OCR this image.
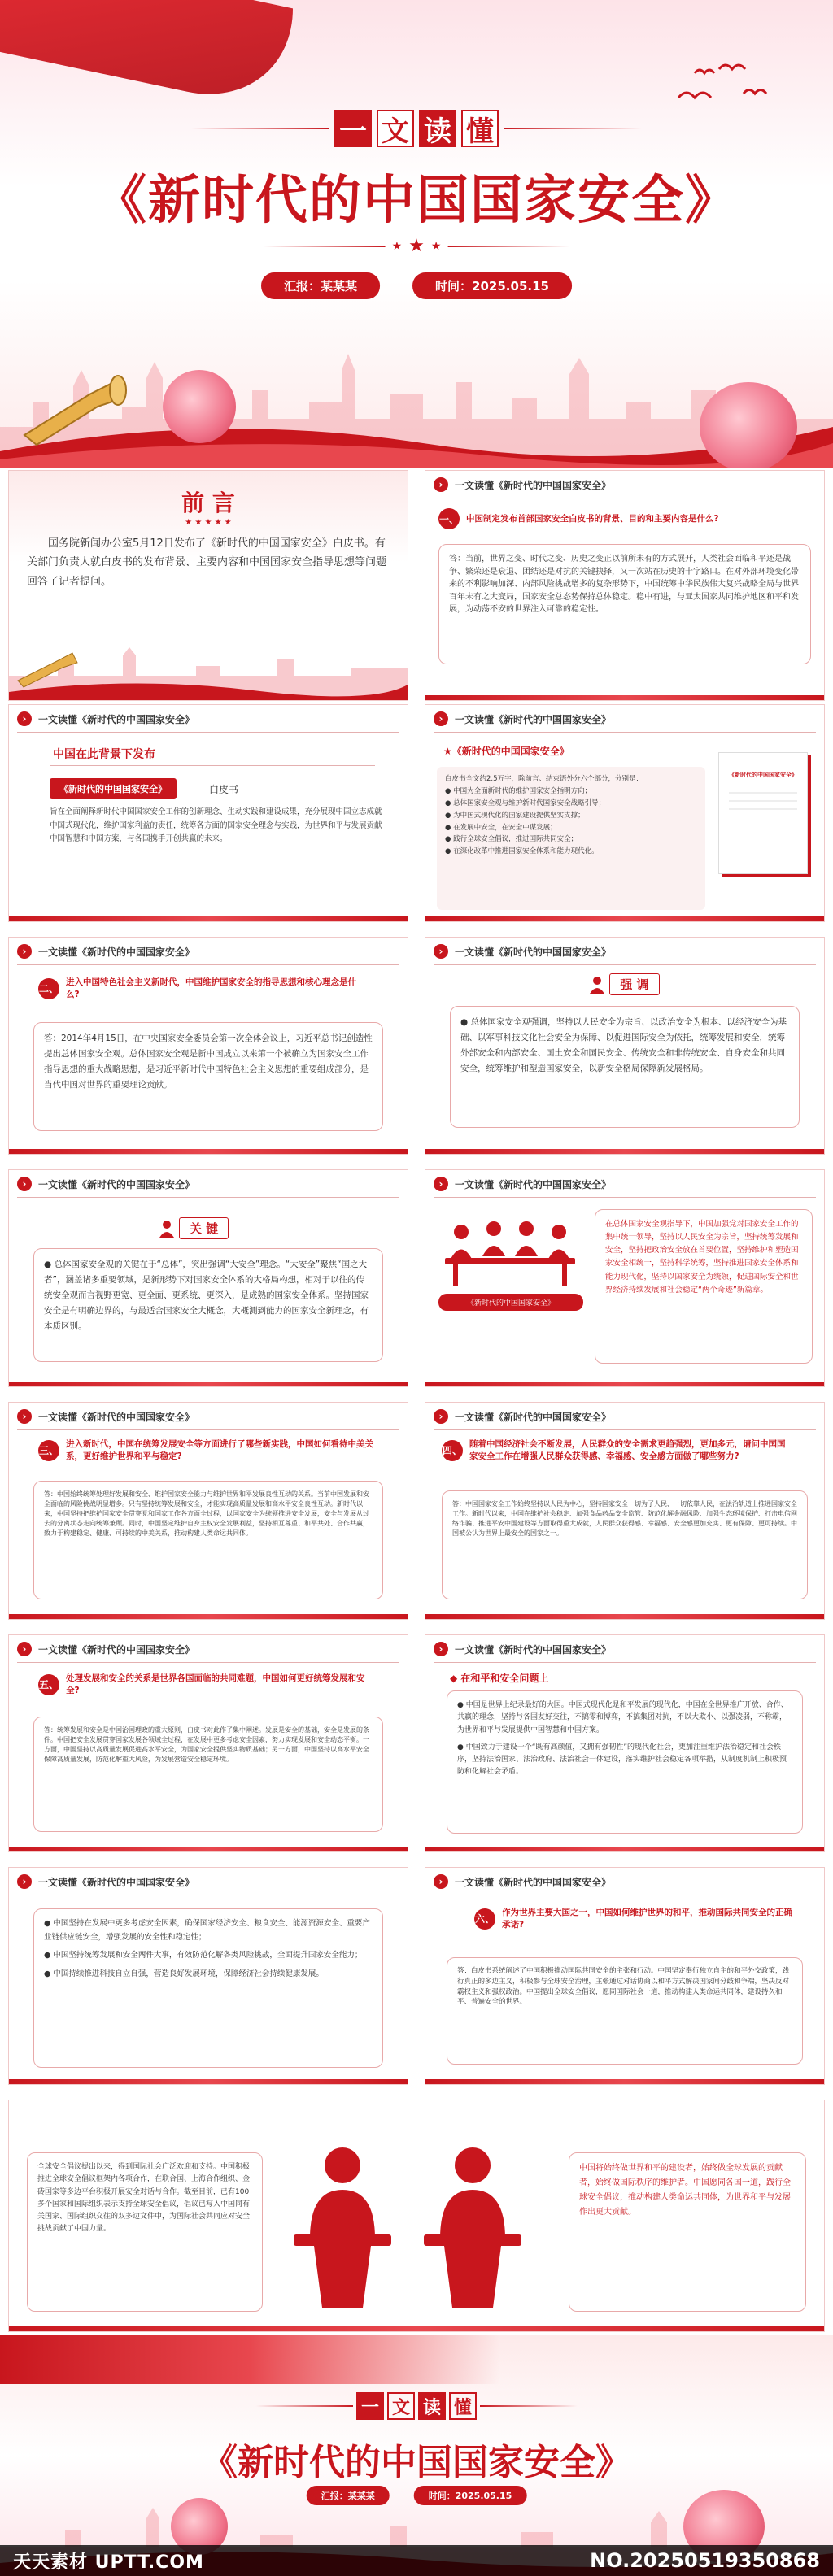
一 文 读 懂
《新时代的中国国家安全》
★ ★ ★
汇报：某某某	时间：2025.05.15
前 言
★ ★ ★ ★ ★
国务院新闻办公室5月12日发布了《新时代的中国国家安全》白皮书。有关部门负责人就白皮书的发布背景、主要内容和中国国家安全指导思想等问题回答了记者提问。
›	一文读懂《新时代的中国国家安全》
一、 中国制定发布首部国家安全白皮书的背景、目的和主要内容是什么?
答：当前，世界之变、时代之变、历史之变正以前所未有的方式展开，人类社会面临和平还是战争、繁荣还是衰退、团结还是对抗的关键抉择，又一次站在历史的十字路口。在对外部环境变化带来的不利影响加深、内部风险挑战增多的复杂形势下，中国统筹中华民族伟大复兴战略全局与世界百年未有之大变局，国家安全总态势保持总体稳定。稳中有进，与亚太国家共同维护地区和平和发展，为动荡不安的世界注入可靠的稳定性。
›	一文读懂《新时代的中国国家安全》
中国在此背景下发布
《新时代的中国国家安全》	白皮书
旨在全面阐释新时代中国国家安全工作的创新理念、生动实践和建设成果，充分展现中国立志成就中国式现代化，维护国家利益的责任，统筹各方面的国家安全理念与实践，为世界和平与发展贡献中国智慧和中国方案，与各国携手开创共赢的未来。
›	一文读懂《新时代的中国国家安全》
★《新时代的中国国家安全》
白皮书全文约2.5万字，除前言、结束语外分六个部分，分别是：
● 中国为全面新时代的维护国家安全指明方向；
● 总体国家安全观与维护新时代国家安全战略引导；
● 为中国式现代化的国家建设提供坚实支撑；
● 在发展中安全，在安全中谋发展；
● 践行全球安全倡议，推进国际共同安全；
● 在深化改革中推进国家安全体系和能力现代化。
《新时代的中国国家安全》
›	一文读懂《新时代的中国国家安全》
二、
进入中国特色社会主义新时代，中国维护国家安全的指导思想和核心理念是什么?
答：2014年4月15日，在中央国家安全委员会第一次全体会议上，习近平总书记创造性提出总体国家安全观。总体国家安全观是新中国成立以来第一个被确立为国家安全工作指导思想的重大战略思想，是习近平新时代中国特色社会主义思想的重要组成部分，是当代中国对世界的重要理论贡献。
›	一文读懂《新时代的中国国家安全》
强 调
● 总体国家安全观强调，坚持以人民安全为宗旨、以政治安全为根本、以经济安全为基础、以军事科技文化社会安全为保障、以促进国际安全为依托，统筹发展和安全，统筹外部安全和内部安全、国土安全和国民安全、传统安全和非传统安全、自身安全和共同安全，统筹维护和塑造国家安全，以新安全格局保障新发展格局。
›	一文读懂《新时代的中国国家安全》
关 键
● 总体国家安全观的关键在于“总体”，突出强调“大安全”理念。“大安全”聚焦“国之大者”，涵盖诸多重要领域，是新形势下对国家安全体系的大格局构想，相对于以往的传统安全观而言视野更宽、更全面、更系统、更深入，是成熟的国家安全体系。坚持国家安全是有明确边界的，与最适合国家安全大概念，大概测到能力的国家安全新理念，有本质区别。
›	一文读懂《新时代的中国国家安全》
《新时代的中国国家安全》
在总体国家安全观指导下，中国加强党对国家安全工作的集中统一领导，坚持以人民安全为宗旨，坚持统筹发展和安全，坚持把政治安全放在首要位置，坚持维护和塑造国家安全相统一，坚持科学统筹，坚持推进国家安全体系和能力现代化，坚持以国家安全为统领，促进国际安全和世界经济持续发展和社会稳定“两个奇迹”新篇章。
›	一文读懂《新时代的中国国家安全》
三、
进入新时代，中国在统筹发展安全等方面进行了哪些新实践，中国如何看待中美关系，更好维护世界和平与稳定?
答：中国始终统筹处理好发展和安全、维护国家安全能力与维护世界和平发展良性互动的关系。当前中国发展和安全面临的风险挑战明显增多。只有坚持统筹发展和安全，才能实现高质量发展和高水平安全良性互动。新时代以来，中国坚持把维护国家安全贯穿党和国家工作各方面全过程，以国家安全为统领推进安全发展，安全与发展从过去的分离状态走向统筹兼顾。同时，中国坚定维护自身主权安全发展利益，坚持相互尊重、和平共处、合作共赢，致力于构建稳定、健康、可持续的中美关系，推动构建人类命运共同体。
›	一文读懂《新时代的中国国家安全》
四、
随着中国经济社会不断发展，人民群众的安全需求更趋强烈，更加多元，请问中国国家安全工作在增强人民群众获得感、幸福感、安全感方面做了哪些努力?
答：中国国家安全工作始终坚持以人民为中心，坚持国家安全一切为了人民、一切依靠人民，在法治轨道上推进国家安全工作。新时代以来，中国在维护社会稳定、加强食品药品安全监管、防范化解金融风险、加强生态环境保护、打击电信网络诈骗、推进平安中国建设等方面取得重大成就，人民群众获得感、幸福感、安全感更加充实、更有保障、更可持续。中国被公认为世界上最安全的国家之一。
›	一文读懂《新时代的中国国家安全》
五、
处理发展和安全的关系是世界各国面临的共同难题，中国如何更好统筹发展和安全?
答：统筹发展和安全是中国治国理政的重大原则，白皮书对此作了集中阐述。发展是安全的基础，安全是发展的条件。中国把安全发展贯穿国家发展各领域全过程，在发展中更多考虑安全因素，努力实现发展和安全动态平衡。一方面，中国坚持以高质量发展促进高水平安全，为国家安全提供坚实物质基础；另一方面，中国坚持以高水平安全保障高质量发展，防范化解重大风险，为发展营造安全稳定环境。
›	一文读懂《新时代的中国国家安全》
◆ 在和平和安全问题上
● 中国是世界上纪录最好的大国。中国式现代化是和平发展的现代化，中国在全世界推广开放、合作、共赢的理念，坚持与各国友好交往，不搞零和博弈，不搞集团对抗，不以大欺小、以强凌弱，不称霸，为世界和平与发展提供中国智慧和中国方案。
● 中国致力于建设一个“既有高颜值，又拥有强韧性”的现代化社会，更加注重维护法治稳定和社会秩序，坚持法治国家、法治政府、法治社会一体建设，落实维护社会稳定各项举措，从制度机制上积极预防和化解社会矛盾。
›	一文读懂《新时代的中国国家安全》
● 中国坚持在发展中更多考虑安全因素，确保国家经济安全、粮食安全、能源资源安全、重要产业链供应链安全，增强发展的安全性和稳定性；
● 中国坚持统筹发展和安全两件大事，有效防范化解各类风险挑战，全面提升国家安全能力；
● 中国持续推进科技自立自强，营造良好发展环境，保障经济社会持续健康发展。
›	一文读懂《新时代的中国国家安全》
六、
作为世界主要大国之一，中国如何维护世界的和平，推动国际共同安全的正确承诺?
答：白皮书系统阐述了中国积极推动国际共同安全的主张和行动。中国坚定奉行独立自主的和平外交政策，践行真正的多边主义，积极参与全球安全治理，主张通过对话协商以和平方式解决国家间分歧和争端，坚决反对霸权主义和强权政治。中国提出全球安全倡议，愿同国际社会一道，推动构建人类命运共同体，建设持久和平、普遍安全的世界。
全球安全倡议提出以来，得到国际社会广泛欢迎和支持。中国积极推进全球安全倡议框架内各项合作，在联合国、上海合作组织、金砖国家等多边平台积极开展安全对话与合作。截至目前，已有100多个国家和国际组织表示支持全球安全倡议，倡议已写入中国同有关国家、国际组织交往的双多边文件中，为国际社会共同应对安全挑战贡献了中国力量。
中国将始终做世界和平的建设者，始终做全球发展的贡献者，始终做国际秩序的维护者。中国愿同各国一道，践行全球安全倡议，推动构建人类命运共同体，为世界和平与发展作出更大贡献。
一 文 读 懂
《新时代的中国国家安全》
汇报：某某某	时间：2025.05.15
天天素材 UPTT.COM	NO.20250519350868
